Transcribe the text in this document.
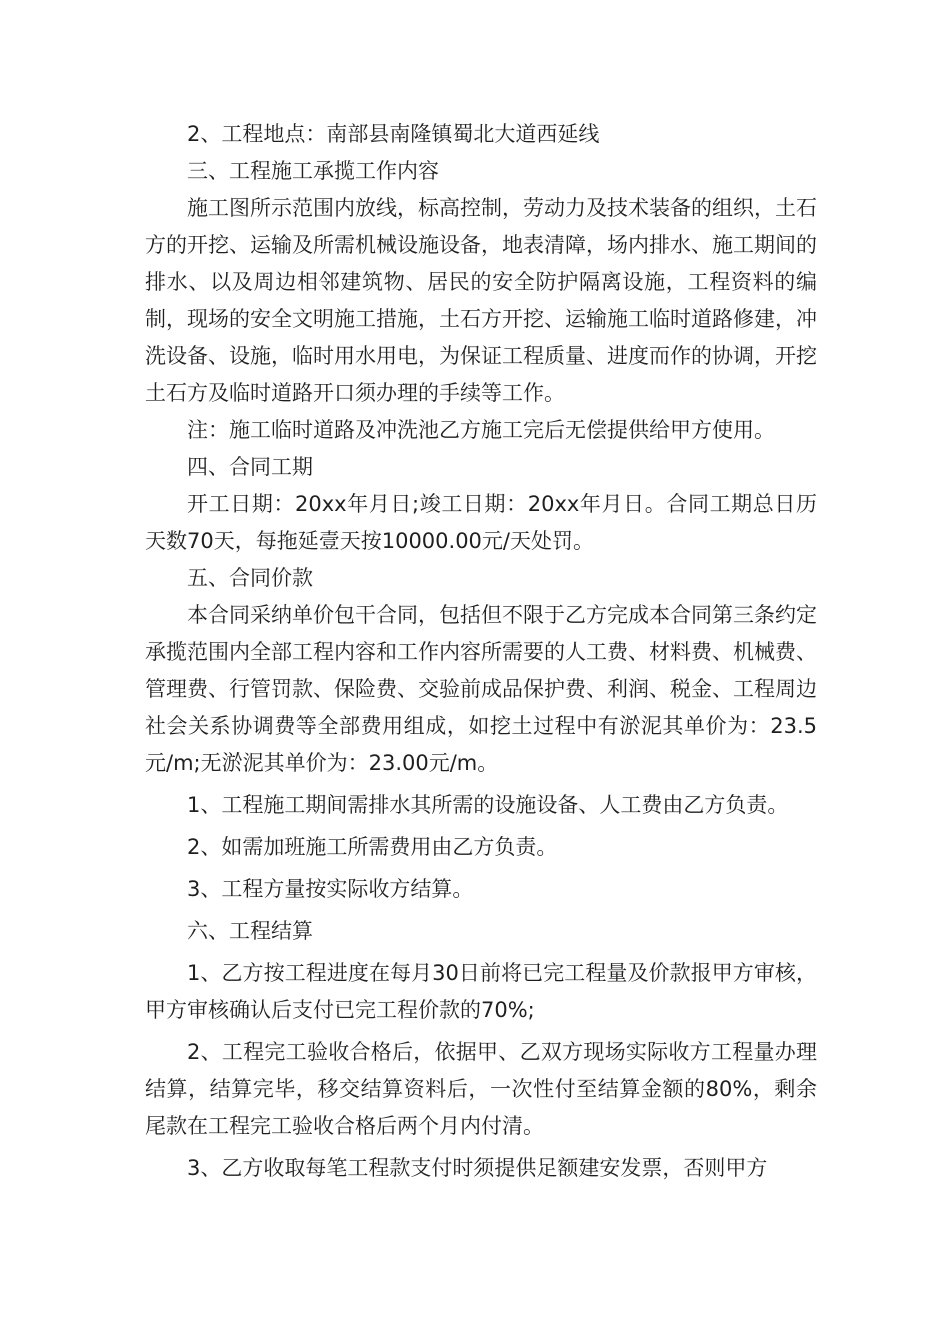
2、工程地点：南部县南隆镇蜀北大道西延线

三、工程施工承揽工作内容

施工图所示范围内放线，标高控制，劳动力及技术装备的组织，土石方的开挖、运输及所需机械设施设备，地表清障，场内排水、施工期间的排水、以及周边相邻建筑物、居民的安全防护隔离设施，工程资料的编制，现场的安全文明施工措施，土石方开挖、运输施工临时道路修建，冲洗设备、设施，临时用水用电，为保证工程质量、进度而作的协调，开挖土石方及临时道路开口须办理的手续等工作。

注：施工临时道路及冲洗池乙方施工完后无偿提供给甲方使用。

四、合同工期

开工日期：20xx年月日;竣工日期：20xx年月日。合同工期总日历天数70天，每拖延壹天按10000.00元/天处罚。

五、合同价款

本合同采纳单价包干合同，包括但不限于乙方完成本合同第三条约定承揽范围内全部工程内容和工作内容所需要的人工费、材料费、机械费、管理费、行管罚款、保险费、交验前成品保护费、利润、税金、工程周边社会关系协调费等全部费用组成，如挖土过程中有淤泥其单价为：23.5元/m;无淤泥其单价为：23.00元/m。

1、工程施工期间需排水其所需的设施设备、人工费由乙方负责。

2、如需加班施工所需费用由乙方负责。

3、工程方量按实际收方结算。

六、工程结算

1、乙方按工程进度在每月30日前将已完工程量及价款报甲方审核，甲方审核确认后支付已完工程价款的70%;

2、工程完工验收合格后，依据甲、乙双方现场实际收方工程量办理结算，结算完毕，移交结算资料后，一次性付至结算金额的80%，剩余尾款在工程完工验收合格后两个月内付清。

3、乙方收取每笔工程款支付时须提供足额建安发票，否则甲方
